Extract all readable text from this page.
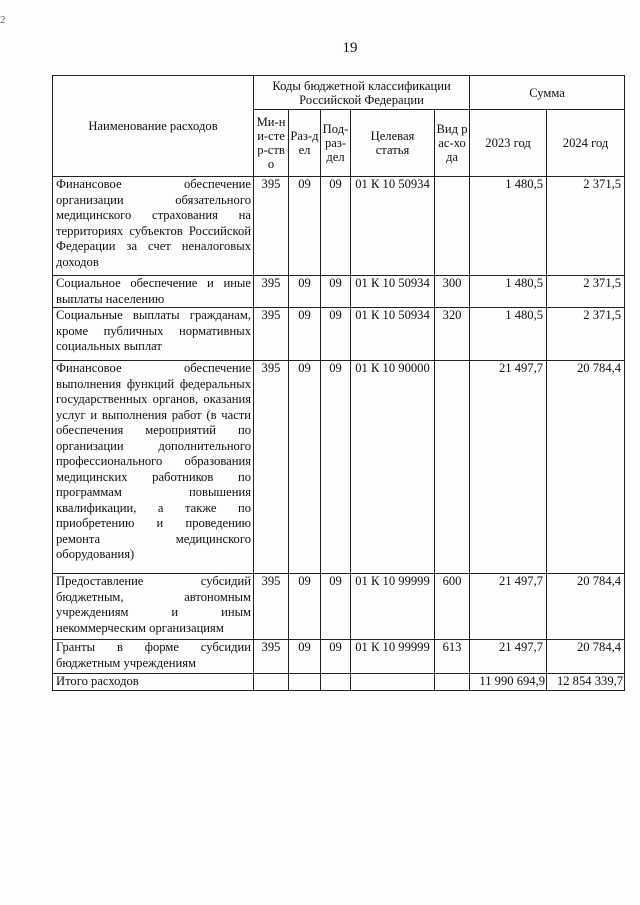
19
2
Наименование расходов	Коды бюджетной классификации Российской Федерации					Сумма	
	Ми-ни-стер-ство	Раз-дел	Под-раз-дел	Целевая статья	Вид рас-хода	2023 год	2024 год
Финансовое обеспечение организации обязательного медицинского страхования на территориях субъектов Российской Федерации за счет неналоговых доходов	395	09	09	01 К 10 50934		1 480,5	2 371,5
Социальное обеспечение и иные выплаты населению	395	09	09	01 К 10 50934	300	1 480,5	2 371,5
Социальные выплаты гражданам, кроме публичных нормативных социальных выплат	395	09	09	01 К 10 50934	320	1 480,5	2 371,5
Финансовое обеспечение выполнения функций федеральных государственных органов, оказания услуг и выполнения работ (в части обеспечения мероприятий по организации дополнительного профессионального образования медицинских работников по программам повышения квалификации, а также по приобретению и проведению ремонта медицинского оборудования)	395	09	09	01 К 10 90000		21 497,7	20 784,4
Предоставление субсидий бюджетным, автономным учреждениям и иным некоммерческим организациям	395	09	09	01 К 10 99999	600	21 497,7	20 784,4
Гранты в форме субсидии бюджетным учреждениям	395	09	09	01 К 10 99999	613	21 497,7	20 784,4
Итого расходов						11 990 694,9	12 854 339,7
